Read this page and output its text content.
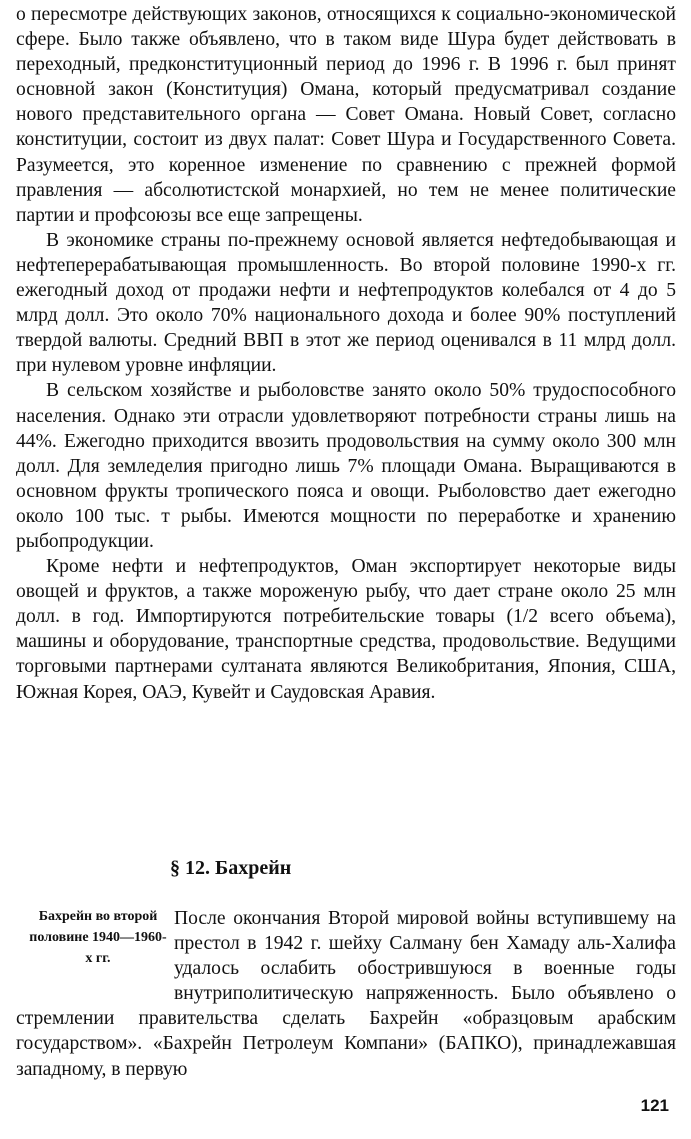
о пересмотре действующих законов, относящихся к социально-экономической сфере. Было также объявлено, что в таком виде Шура будет действовать в переходный, предконституционный период до 1996 г. В 1996 г. был принят основной закон (Конституция) Омана, который предусматривал создание нового представительного органа — Совет Омана. Новый Совет, согласно конституции, состоит из двух палат: Совет Шура и Государственного Совета. Разумеется, это коренное изменение по сравнению с прежней формой правления — абсолютистской монархией, но тем не менее политические партии и профсоюзы все еще запрещены.

В экономике страны по-прежнему основой является нефтедобывающая и нефтеперерабатывающая промышленность. Во второй половине 1990-х гг. ежегодный доход от продажи нефти и нефтепродуктов колебался от 4 до 5 млрд долл. Это около 70% национального дохода и более 90% поступлений твердой валюты. Средний ВВП в этот же период оценивался в 11 млрд долл. при нулевом уровне инфляции.

В сельском хозяйстве и рыболовстве занято около 50% трудоспособного населения. Однако эти отрасли удовлетворяют потребности страны лишь на 44%. Ежегодно приходится ввозить продовольствия на сумму около 300 млн долл. Для земледелия пригодно лишь 7% площади Омана. Выращиваются в основном фрукты тропического пояса и овощи. Рыболовство дает ежегодно около 100 тыс. т рыбы. Имеются мощности по переработке и хранению рыбопродукции.

Кроме нефти и нефтепродуктов, Оман экспортирует некоторые виды овощей и фруктов, а также мороженую рыбу, что дает стране около 25 млн долл. в год. Импортируются потребительские товары (1/2 всего объема), машины и оборудование, транспортные средства, продовольствие. Ведущими торговыми партнерами султаната являются Великобритания, Япония, США, Южная Корея, ОАЭ, Кувейт и Саудовская Аравия.

§ 12. Бахрейн

После окончания Второй мировой войны вступившему на престол в 1942 г. шейху Салману бен Хамаду аль-Халифа удалось ослабить обострившуюся в военные годы внутриполитическую напряженность. Было объявлено о стремлении правительства сделать Бахрейн «образцовым арабским государством». «Бахрейн Петролеум Компани» (БАПКО), принадлежавшая западному, в первую

Бахрейн во второй половине 1940—1960-х гг.
121
